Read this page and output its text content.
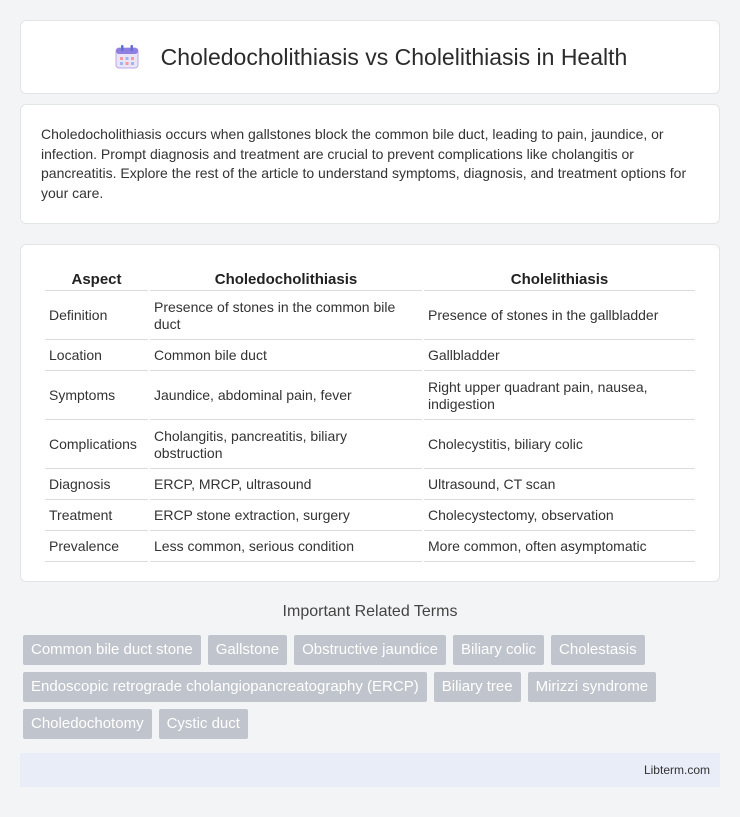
Choledocholithiasis vs Cholelithiasis in Health

Choledocholithiasis occurs when gallstones block the common bile duct, leading to pain, jaundice, or infection. Prompt diagnosis and treatment are crucial to prevent complications like cholangitis or pancreatitis. Explore the rest of the article to understand symptoms, diagnosis, and treatment options for your care.

Aspect	Choledocholithiasis	Cholelithiasis
Definition	Presence of stones in the common bile duct	Presence of stones in the gallbladder
Location	Common bile duct	Gallbladder
Symptoms	Jaundice, abdominal pain, fever	Right upper quadrant pain, nausea, indigestion
Complications	Cholangitis, pancreatitis, biliary obstruction	Cholecystitis, biliary colic
Diagnosis	ERCP, MRCP, ultrasound	Ultrasound, CT scan
Treatment	ERCP stone extraction, surgery	Cholecystectomy, observation
Prevalence	Less common, serious condition	More common, often asymptomatic
Important Related Terms
Common bile duct stone	Gallstone	Obstructive jaundice	Biliary colic	Cholestasis
Endoscopic retrograde cholangiopancreatography (ERCP)	Biliary tree	Mirizzi syndrome
Choledochotomy	Cystic duct
Libterm.com
